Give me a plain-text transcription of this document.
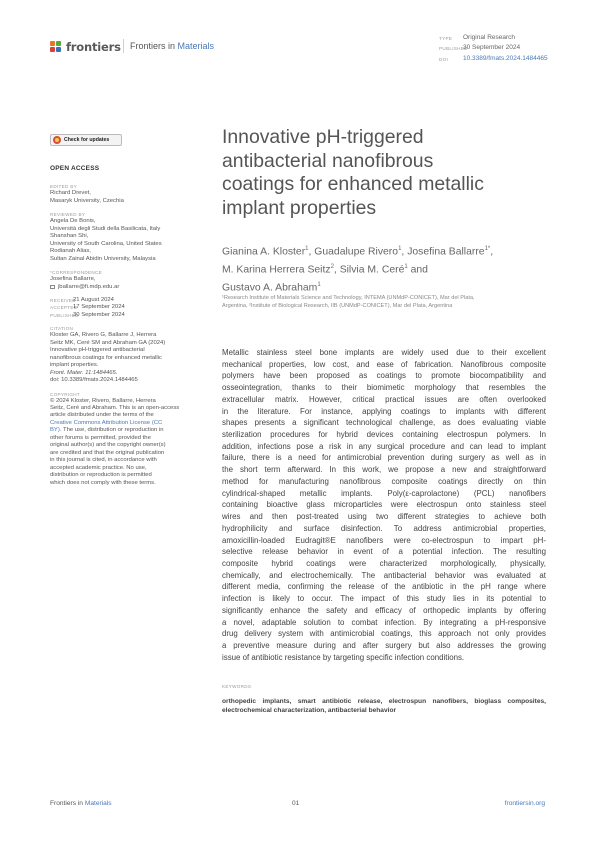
frontiers Frontiers in Materials
TYPE	Original Research
PUBLISHED
30 September 2024
DOI	10.3389/fmats.2024.1484465
Check for updates
OPEN ACCESS
EDITED BY
Richard Drevet,
Masaryk University, Czechia
REVIEWED BY
Angela De Bonis,
Università degli Studi della Basilicata, Italy
Shanshan Shi,
University of South Carolina, United States
Rodianah Alias,
Sultan Zainal Abidin University, Malaysia
*CORRESPONDENCE
Josefina Ballarre,
jballarre@fi.mdp.edu.ar
RECEIVED
21 August 2024
ACCEPTED
17 September 2024
PUBLISHED
30 September 2024
CITATION
Kloster GA, Rivero G, Ballarre J, Herrera
Seitz MK, Ceré SM and Abraham GA (2024)
Innovative pH-triggered antibacterial
nanofibrous coatings for enhanced metallic
implant properties.
Front. Mater. 11:1484465.
doi: 10.3389/fmats.2024.1484465
COPYRIGHT
© 2024 Kloster, Rivero, Ballarre, Herrera
Seitz, Ceré and Abraham. This is an open-access
article distributed under the terms of the
Creative Commons Attribution License (CC
BY). The use, distribution or reproduction in
other forums is permitted, provided the
original author(s) and the copyright owner(s)
are credited and that the original publication
in this journal is cited, in accordance with
accepted academic practice. No use,
distribution or reproduction is permitted
which does not comply with these terms.
Innovative pH-triggered
antibacterial nanofibrous
coatings for enhanced metallic
implant properties
Gianina A. Kloster$^1$, Guadalupe Rivero$^1$, Josefina Ballarre$^{1*}$,
M. Karina Herrera Seitz$^2$, Silvia M. Ceré$^1$ and
Gustavo A. Abraham$^1$
¹Research Institute of Materials Science and Technology, INTEMA (UNMdP-CONICET), Mar del Plata,
Argentina, ²Institute of Biological Research, IIB (UNMdP-CONICET), Mar del Plata, Argentina
Metallic stainless steel bone implants are widely used due to their excellent
mechanical properties, low cost, and ease of fabrication. Nanofibrous composite
polymers have been proposed as coatings to promote biocompatibility and
osseointegration, thanks to their biomimetic morphology that resembles the
extracellular matrix. However, critical practical issues are often overlooked
in the literature. For instance, applying coatings to implants with different
shapes presents a significant technological challenge, as does evaluating viable
sterilization procedures for hybrid devices containing electrospun polymers. In
addition, infections pose a risk in any surgical procedure and can lead to implant
failure, there is a need for antimicrobial prevention during surgery as well as in
the short term afterward. In this work, we propose a new and straightforward
method for manufacturing nanofibrous composite coatings directly on thin
cylindrical-shaped metallic implants. Poly(ε-caprolactone) (PCL) nanofibers
containing bioactive glass microparticles were electrospun onto stainless steel
wires and then post-treated using two different strategies to achieve both
hydrophilicity and surface disinfection. To address antimicrobial properties,
amoxicillin-loaded Eudragit®E nanofibers were co-electrospun to impart pH-
selective release behavior in event of a potential infection. The resulting
composite hybrid coatings were characterized morphologically, physically,
chemically, and electrochemically. The antibacterial behavior was evaluated at
different media, confirming the release of the antibiotic in the pH range where
infection is likely to occur. The impact of this study lies in its potential to
significantly enhance the safety and efficacy of orthopedic implants by offering
a novel, adaptable solution to combat infection. By integrating a pH-responsive
drug delivery system with antimicrobial coatings, this approach not only provides
a preventive measure during and after surgery but also addresses the growing
issue of antibiotic resistance by targeting specific infection conditions.
KEYWORDS
orthopedic implants, smart antibiotic release, electrospun nanofibers, bioglass composites, electrochemical characterization, antibacterial behavior
Frontiers in Materials	01	frontiersin.org
